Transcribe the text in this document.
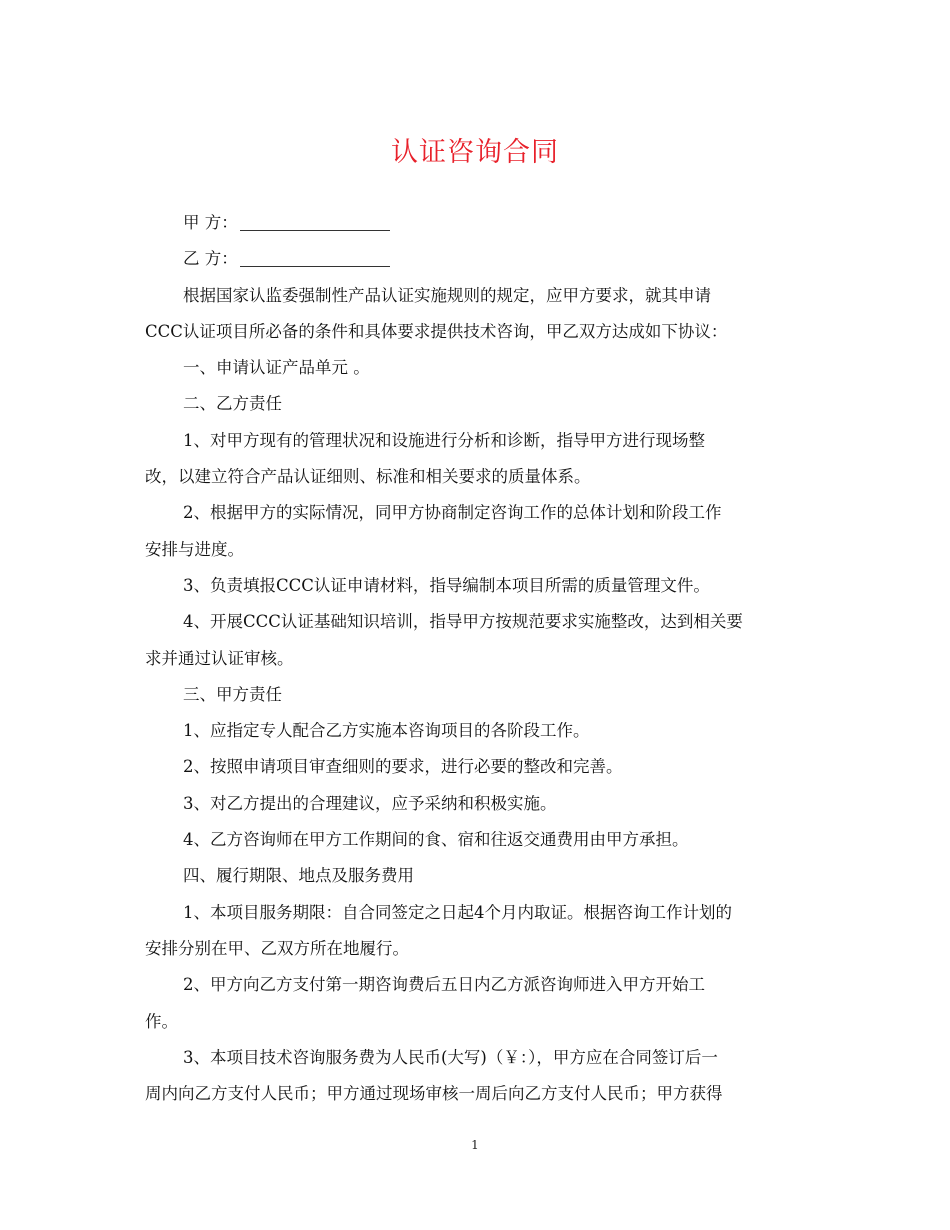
认证咨询合同
甲 方：
乙 方：

根据国家认监委强制性产品认证实施规则的规定，应甲方要求，就其申请

CCC认证项目所必备的条件和具体要求提供技术咨询，甲乙双方达成如下协议：

一、申请认证产品单元 。

二、乙方责任

1、对甲方现有的管理状况和设施进行分析和诊断，指导甲方进行现场整

改，以建立符合产品认证细则、标准和相关要求的质量体系。

2、根据甲方的实际情况，同甲方协商制定咨询工作的总体计划和阶段工作

安排与进度。

3、负责填报CCC认证申请材料，指导编制本项目所需的质量管理文件。

4、开展CCC认证基础知识培训，指导甲方按规范要求实施整改，达到相关要

求并通过认证审核。

三、甲方责任

1、应指定专人配合乙方实施本咨询项目的各阶段工作。

2、按照申请项目审查细则的要求，进行必要的整改和完善。

3、对乙方提出的合理建议，应予采纳和积极实施。

4、乙方咨询师在甲方工作期间的食、宿和往返交通费用由甲方承担。

四、履行期限、地点及服务费用

1、本项目服务期限：自合同签定之日起4个月内取证。根据咨询工作计划的

安排分别在甲、乙双方所在地履行。

2、甲方向乙方支付第一期咨询费后五日内乙方派咨询师进入甲方开始工

作。

3、本项目技术咨询服务费为人民币(大写)（￥：），甲方应在合同签订后一

周内向乙方支付人民币；甲方通过现场审核一周后向乙方支付人民币；甲方获得

1
